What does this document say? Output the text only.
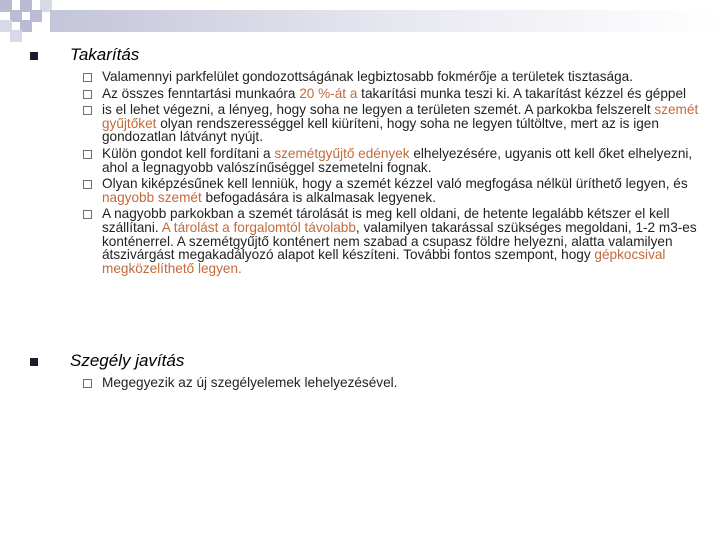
Takarítás
Valamennyi parkfelület gondozottságának legbiztosabb fokmérője a területek tisztasága.
Az összes fenntartási munkaóra 20 %-át a takarítási munka teszi ki. A takarítást kézzel és géppel
is el lehet végezni, a lényeg, hogy soha ne legyen a területen szemét. A parkokba felszerelt szemét gyűjtőket olyan rendszerességgel kell kiüríteni, hogy soha ne legyen túltöltve, mert az is igen gondozatlan látványt nyújt.
Külön gondot kell fordítani a szemétgyűjtő edények elhelyezésére, ugyanis ott kell őket elhelyezni, ahol a legnagyobb valószínűséggel szemetelni fognak.
Olyan kiképzésűnek kell lenniük, hogy a szemét kézzel való megfogása nélkül üríthető legyen, és nagyobb szemét befogadására is alkalmasak legyenek.
A nagyobb parkokban a szemét tárolását is meg kell oldani, de hetente legalább kétszer el kell szállítani. A tárolást a forgalomtól távolabb, valamilyen takarással szükséges megoldani, 1-2 m3-es konténerrel. A szemétgyűjtő konténert nem szabad a csupasz földre helyezni, alatta valamilyen átszivárgást megakadályozó alapot kell készíteni. További fontos szempont, hogy gépkocsival megközelíthető legyen.
Szegély javítás
Megegyezik az új szegélyelemek lehelyezésével.
